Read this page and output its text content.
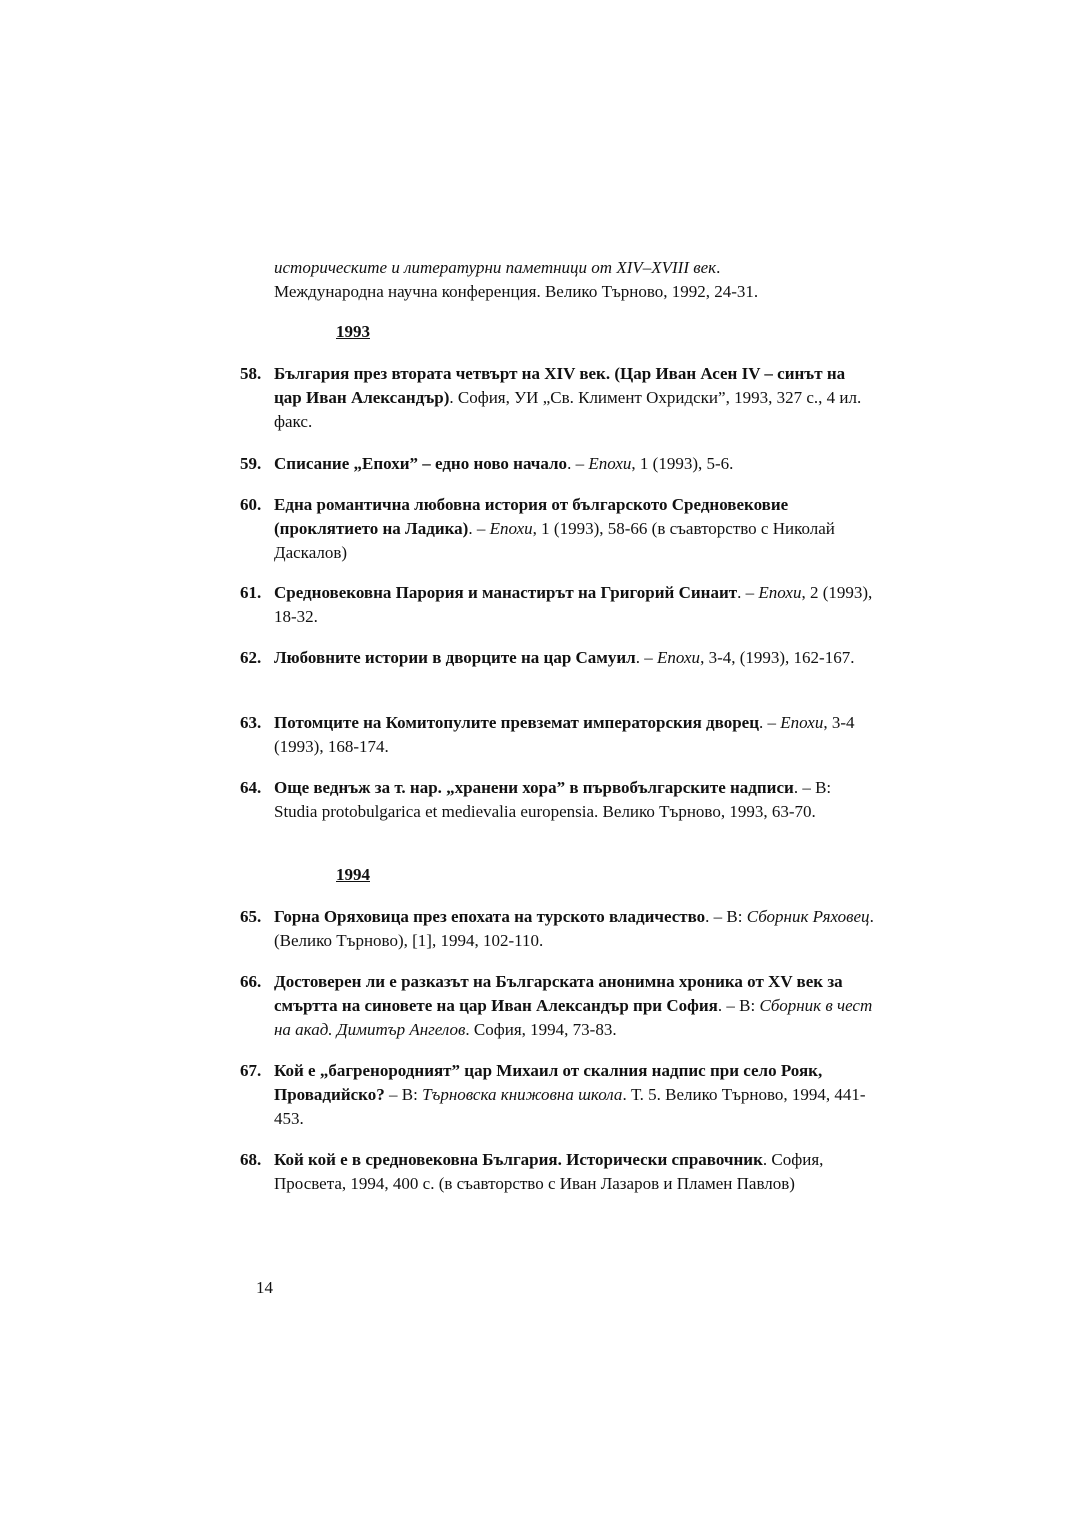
историческите и литературни паметници от XIV–XVIII век.
Международна научна конференция. Велико Търново, 1992, 24-31.
1993
58. България през втората четвърт на XIV век. (Цар Иван Асен IV – синът на цар Иван Александър). София, УИ „Св. Климент Охридски”, 1993, 327 с., 4 ил. факс.
59. Списание „Епохи” – едно ново начало. – Епохи, 1 (1993), 5-6.
60. Една романтична любовна история от българското Средновековие (проклятието на Ладика). – Епохи, 1 (1993), 58-66 (в съавторство с Николай Даскалов)
61. Средновековна Парория и манастирът на Григорий Синаит. – Епохи, 2 (1993), 18-32.
62. Любовните истории в дворците на цар Самуил. – Епохи, 3-4, (1993), 162-167.
63. Потомците на Комитопулите превземат императорския дворец. – Епохи, 3-4 (1993), 168-174.
64. Още веднъж за т. нар. „хранени хора” в първобългарските надписи. – В: Studia protobulgarica et medievalia europensia. Велико Търново, 1993, 63-70.
1994
65. Горна Оряховица през епохата на турското владичество. – В: Сборник Ряховец. (Велико Търново), [1], 1994, 102-110.
66. Достоверен ли е разказът на Българската анонимна хроника от XV век за смъртта на синовете на цар Иван Александър при София. – В: Сборник в чест на акад. Димитър Ангелов. София, 1994, 73-83.
67. Кой е „багренородният” цар Михаил от скалния надпис при село Рояк, Провадийско? – В: Търновска книжовна школа. Т. 5. Велико Търново, 1994, 441-453.
68. Кой кой е в средновековна България. Исторически справочник. София, Просвета, 1994, 400 с. (в съавторство с Иван Лазаров и Пламен Павлов)
14
